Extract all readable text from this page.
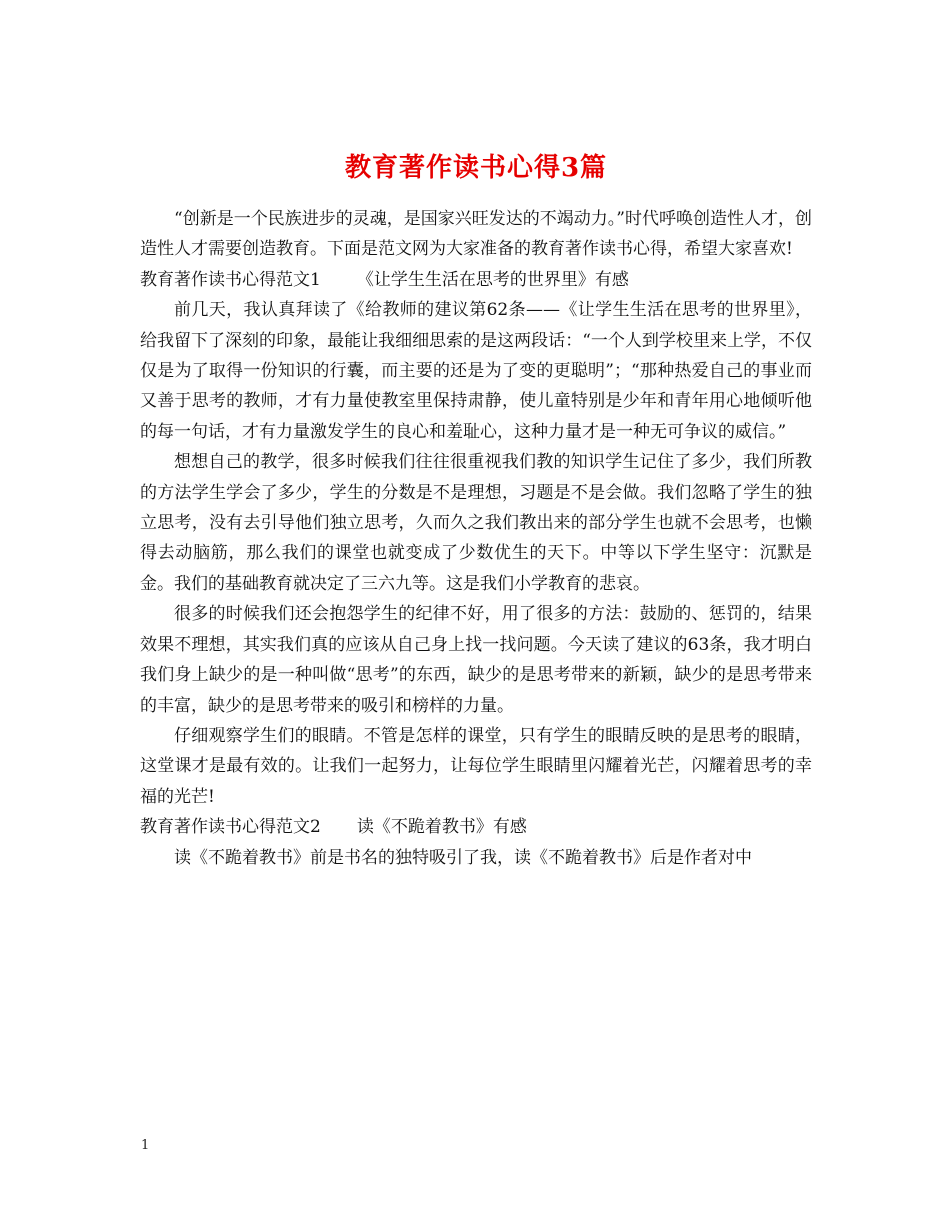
教育著作读书心得3篇

“创新是一个民族进步的灵魂，是国家兴旺发达的不竭动力。”时代呼唤创造性人才，创造性人才需要创造教育。下面是范文网为大家准备的教育著作读书心得，希望大家喜欢!

教育著作读书心得范文1 《让学生生活在思考的世界里》有感

前几天，我认真拜读了《给教师的建议第62条——《让学生生活在思考的世界里》，给我留下了深刻的印象，最能让我细细思索的是这两段话：“一个人到学校里来上学，不仅仅是为了取得一份知识的行囊，而主要的还是为了变的更聪明”；“那种热爱自己的事业而又善于思考的教师，才有力量使教室里保持肃静，使儿童特别是少年和青年用心地倾听他的每一句话，才有力量激发学生的良心和羞耻心，这种力量才是一种无可争议的威信。”

想想自己的教学，很多时候我们往往很重视我们教的知识学生记住了多少，我们所教的方法学生学会了多少，学生的分数是不是理想，习题是不是会做。我们忽略了学生的独立思考，没有去引导他们独立思考，久而久之我们教出来的部分学生也就不会思考，也懒得去动脑筋，那么我们的课堂也就变成了少数优生的天下。中等以下学生坚守：沉默是金。我们的基础教育就决定了三六九等。这是我们小学教育的悲哀。

很多的时候我们还会抱怨学生的纪律不好，用了很多的方法：鼓励的、惩罚的，结果效果不理想，其实我们真的应该从自己身上找一找问题。今天读了建议的63条，我才明白我们身上缺少的是一种叫做“思考”的东西，缺少的是思考带来的新颖，缺少的是思考带来的丰富，缺少的是思考带来的吸引和榜样的力量。

仔细观察学生们的眼睛。不管是怎样的课堂，只有学生的眼睛反映的是思考的眼睛，这堂课才是最有效的。让我们一起努力，让每位学生眼睛里闪耀着光芒，闪耀着思考的幸福的光芒!

教育著作读书心得范文2 读《不跪着教书》有感

读《不跪着教书》前是书名的独特吸引了我，读《不跪着教书》后是作者对中

1
